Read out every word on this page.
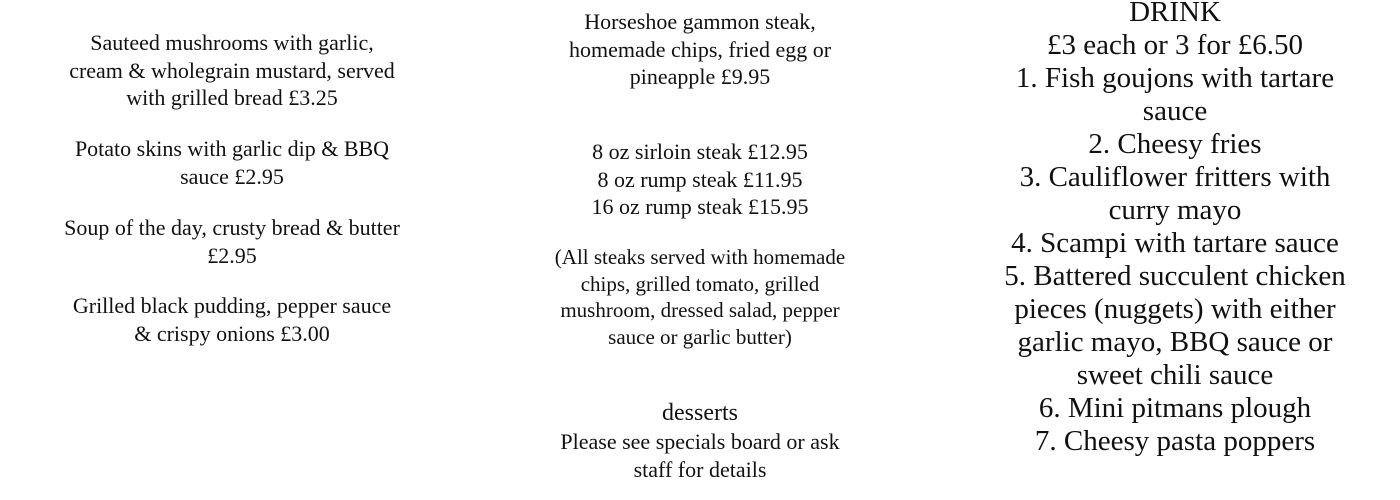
Sauteed mushrooms with garlic, cream & wholegrain mustard, served with grilled bread £3.25

Potato skins with garlic dip & BBQ sauce £2.95

Soup of the day, crusty bread & butter £2.95

Grilled black pudding, pepper sauce & crispy onions £3.00

Horseshoe gammon steak, homemade chips, fried egg or pineapple £9.95
8 oz sirloin steak £12.95
8 oz rump steak £11.95
16 oz rump steak £15.95
(All steaks served with homemade chips, grilled tomato, grilled mushroom, dressed salad, pepper sauce or garlic butter)
desserts
Please see specials board or ask staff for details
DRINK
£3 each or 3 for £6.50
1. Fish goujons with tartare sauce
2. Cheesy fries
3. Cauliflower fritters with curry mayo
4. Scampi with tartare sauce
5. Battered succulent chicken pieces (nuggets) with either garlic mayo, BBQ sauce or sweet chili sauce
6. Mini pitmans plough
7. Cheesy pasta poppers
